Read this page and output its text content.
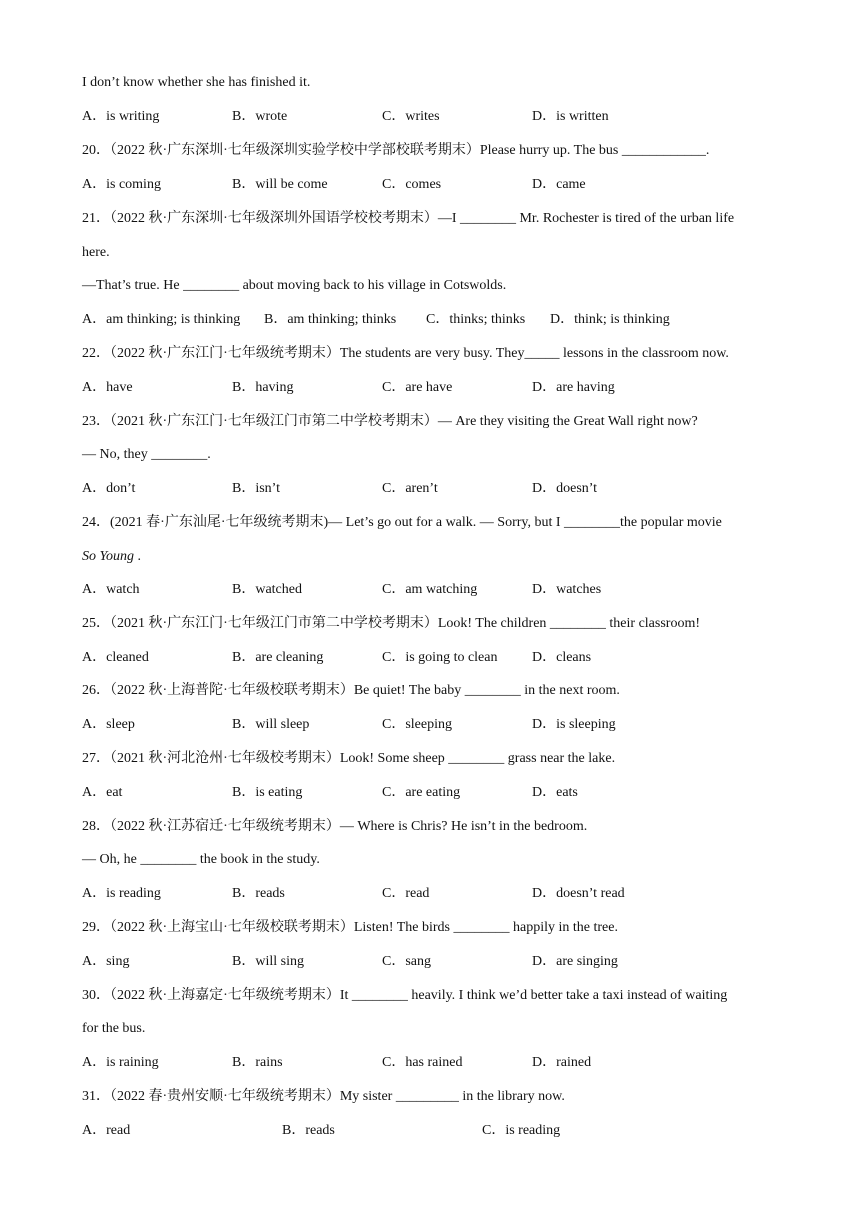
I don’t know whether she has finished it.
A．is writing	B．wrote	C．writes	D．is written
20．（2022 秋·广东深圳·七年级深圳实验学校中学部校联考期末）Please hurry up. The bus ____________.
A．is coming	B．will be come	C．comes	D．came
21．（2022 秋·广东深圳·七年级深圳外国语学校校考期末）—I ________ Mr. Rochester is tired of the urban life
here.
—That’s true. He ________ about moving back to his village in Cotswolds.
A．am thinking; is thinking B．am thinking; thinks C．thinks; thinks D．think; is thinking
22．（2022 秋·广东江门·七年级统考期末）The students are very busy. They_____ lessons in the classroom now.
A．have	B．having	C．are have	D．are having
23．（2021 秋·广东江门·七年级江门市第二中学校考期末）— Are they visiting the Great Wall right now?
— No, they ________.
A．don’t	B．isn’t	C．aren’t	D．doesn’t
24．(2021 春·广东汕尾·七年级统考期末)— Let’s go out for a walk. — Sorry, but I ________the popular movie
So Young .
A．watch	B．watched	C．am watching	D．watches
25．（2021 秋·广东江门·七年级江门市第二中学校考期末）Look! The children ________ their classroom!
A．cleaned	B．are cleaning	C．is going to clean D．cleans
26．（2022 秋·上海普陀·七年级校联考期末）Be quiet! The baby ________ in the next room.
A．sleep	B．will sleep	C．sleeping	D．is sleeping
27．（2021 秋·河北沧州·七年级校考期末）Look! Some sheep ________ grass near the lake.
A．eat	B．is eating	C．are eating	D．eats
28．（2022 秋·江苏宿迁·七年级统考期末）— Where is Chris? He isn’t in the bedroom.
— Oh, he ________ the book in the study.
A．is reading	B．reads	C．read	D．doesn’t read
29．（2022 秋·上海宝山·七年级校联考期末）Listen! The birds ________ happily in the tree.
A．sing	B．will sing	C．sang	D．are singing
30．（2022 秋·上海嘉定·七年级统考期末）It ________ heavily. I think we’d better take a taxi instead of waiting
for the bus.
A．is raining	B．rains	C．has rained	D．rained
31．（2022 春·贵州安顺·七年级统考期末）My sister _________ in the library now.
A．read	B．reads	C．is reading
